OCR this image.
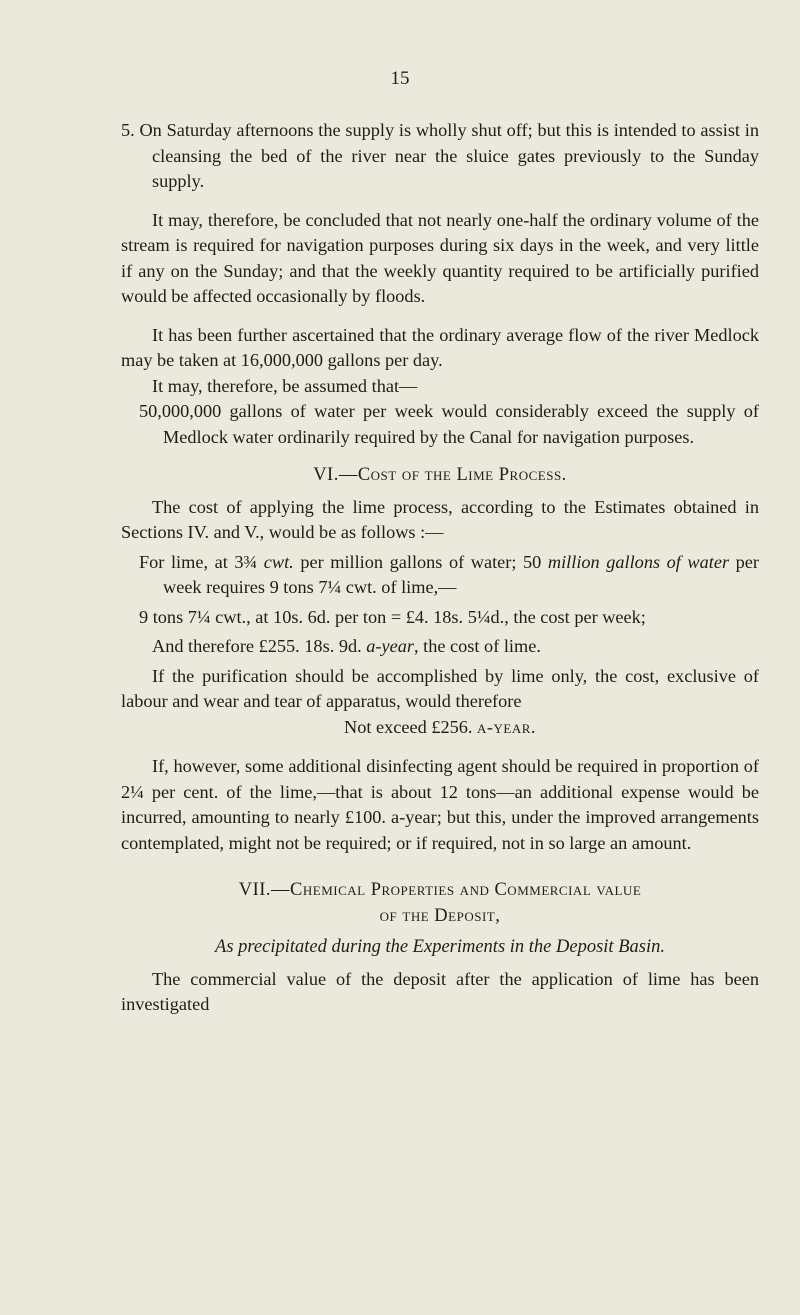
15

5. On Saturday afternoons the supply is wholly shut off; but this is intended to assist in cleansing the bed of the river near the sluice gates previously to the Sunday supply.

It may, therefore, be concluded that not nearly one-half the ordinary volume of the stream is required for navigation purposes during six days in the week, and very little if any on the Sunday; and that the weekly quantity required to be artificially purified would be affected occasionally by floods.

It has been further ascertained that the ordinary average flow of the river Medlock may be taken at 16,000,000 gallons per day.

It may, therefore, be assumed that—

50,000,000 gallons of water per week would considerably exceed the supply of Medlock water ordinarily required by the Canal for navigation purposes.

VI.—Cost of the Lime Process.

The cost of applying the lime process, according to the Estimates obtained in Sections IV. and V., would be as follows :—

For lime, at 3¾ cwt. per million gallons of water; 50 million gallons of water per week requires 9 tons 7¼ cwt. of lime,—

9 tons 7¼ cwt., at 10s. 6d. per ton = £4. 18s. 5¼d., the cost per week;

And therefore £255. 18s. 9d. a-year, the cost of lime.

If the purification should be accomplished by lime only, the cost, exclusive of labour and wear and tear of apparatus, would therefore

Not exceed £256. a-year.

If, however, some additional disinfecting agent should be required in proportion of 2¼ per cent. of the lime,—that is about 12 tons—an additional expense would be incurred, amounting to nearly £100. a-year; but this, under the improved arrangements contemplated, might not be required; or if required, not in so large an amount.

VII.—Chemical Properties and Commercial value

of the Deposit,

As precipitated during the Experiments in the Deposit Basin.

The commercial value of the deposit after the application of lime has been investigated
